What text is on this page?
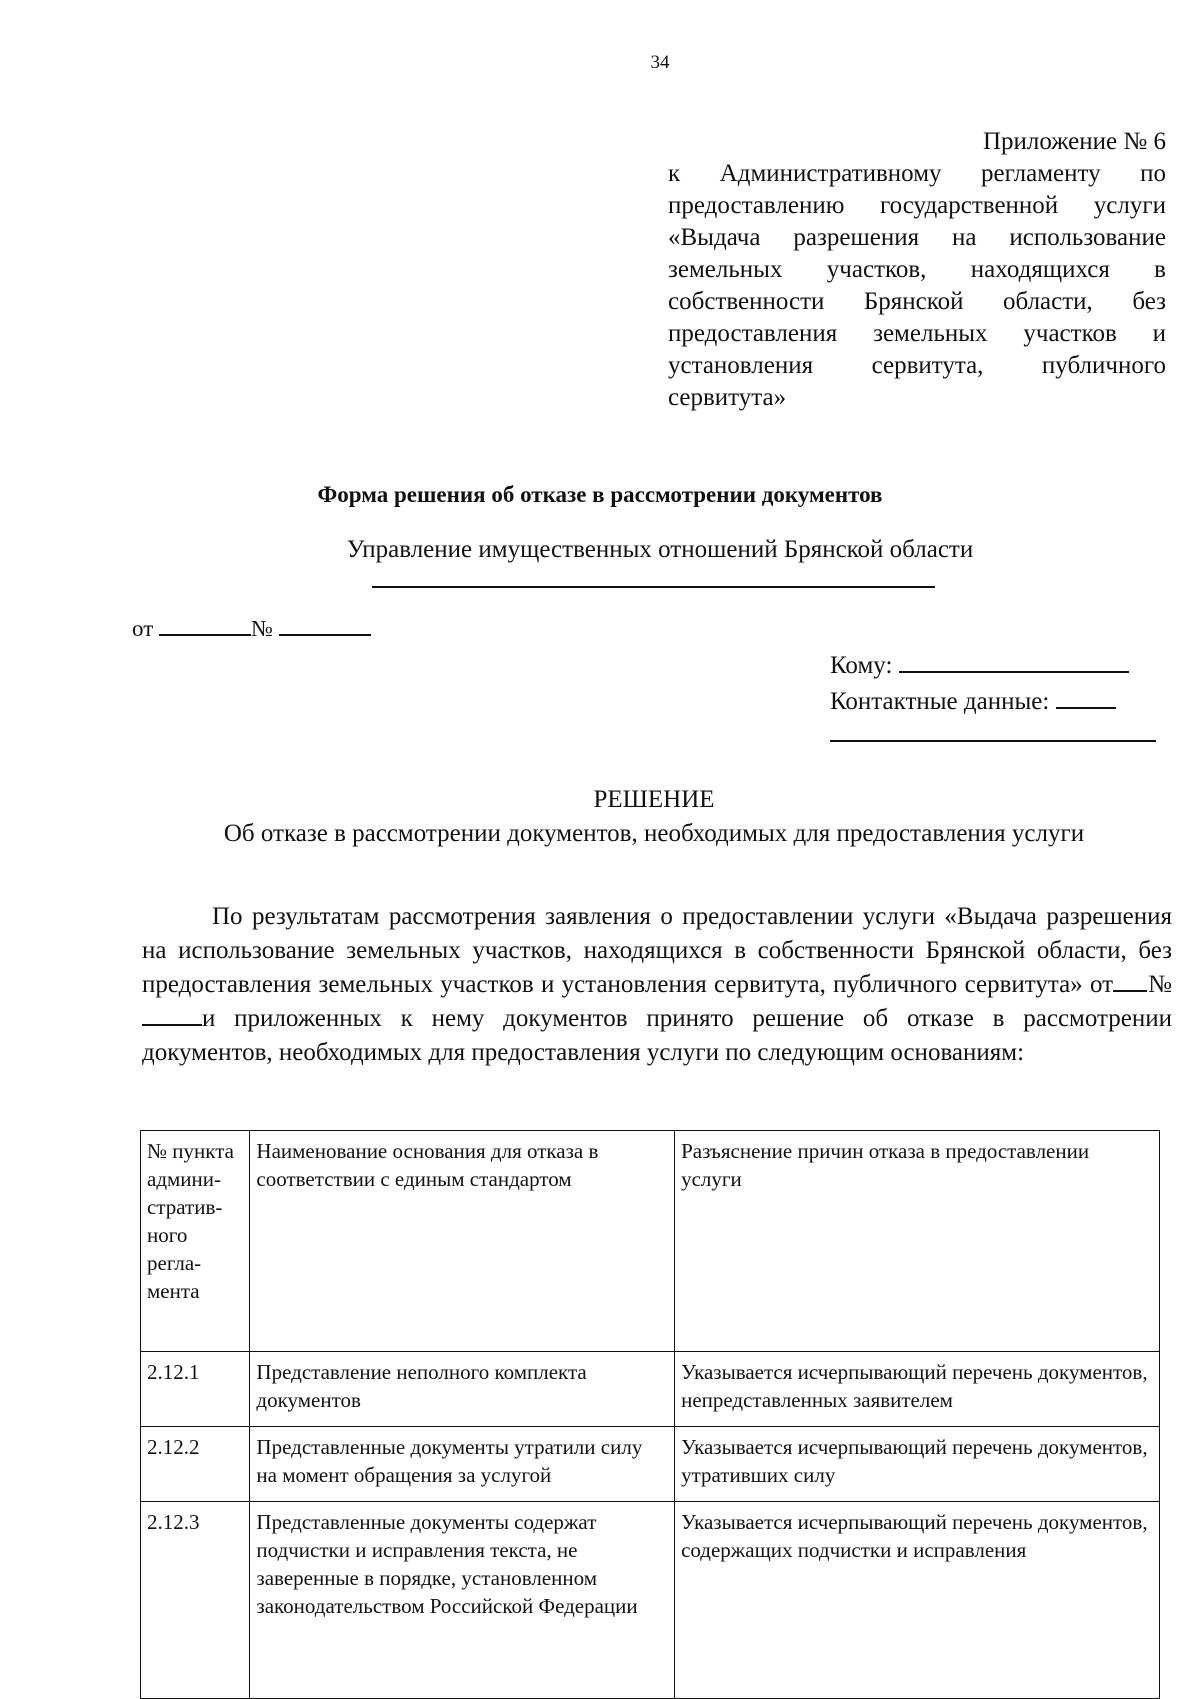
34
Приложение № 6
к Административному регламенту по предоставлению государственной услуги «Выдача разрешения на использование земельных участков, находящихся в собственности Брянской области, без предоставления земельных участков и установления сервитута, публичного сервитута»
Форма решения об отказе в рассмотрении документов
Управление имущественных отношений Брянской области
от	№
Кому:
Контактные данные:
РЕШЕНИЕ
Об отказе в рассмотрении документов, необходимых для предоставления услуги
По результатам рассмотрения заявления о предоставлении услуги «Выдача разрешения на использование земельных участков, находящихся в собственности Брянской области, без предоставления земельных участков и установления сервитута, публичного сервитута» от № и приложенных к нему документов принято решение об отказе в рассмотрении документов, необходимых для предоставления услуги по следующим основаниям:
№ пункта админи-стратив-ного регла-мента	Наименование основания для отказа в соответствии с единым стандартом	Разъяснение причин отказа в предоставлении услуги
2.12.1	Представление неполного комплекта документов	Указывается исчерпывающий перечень документов, непредставленных заявителем
2.12.2	Представленные документы утратили силу на момент обращения за услугой	Указывается исчерпывающий перечень документов, утративших силу
2.12.3	Представленные документы содержат подчистки и исправления текста, не заверенные в порядке, установленном законодательством Российской Федерации	Указывается исчерпывающий перечень документов, содержащих подчистки и исправления
